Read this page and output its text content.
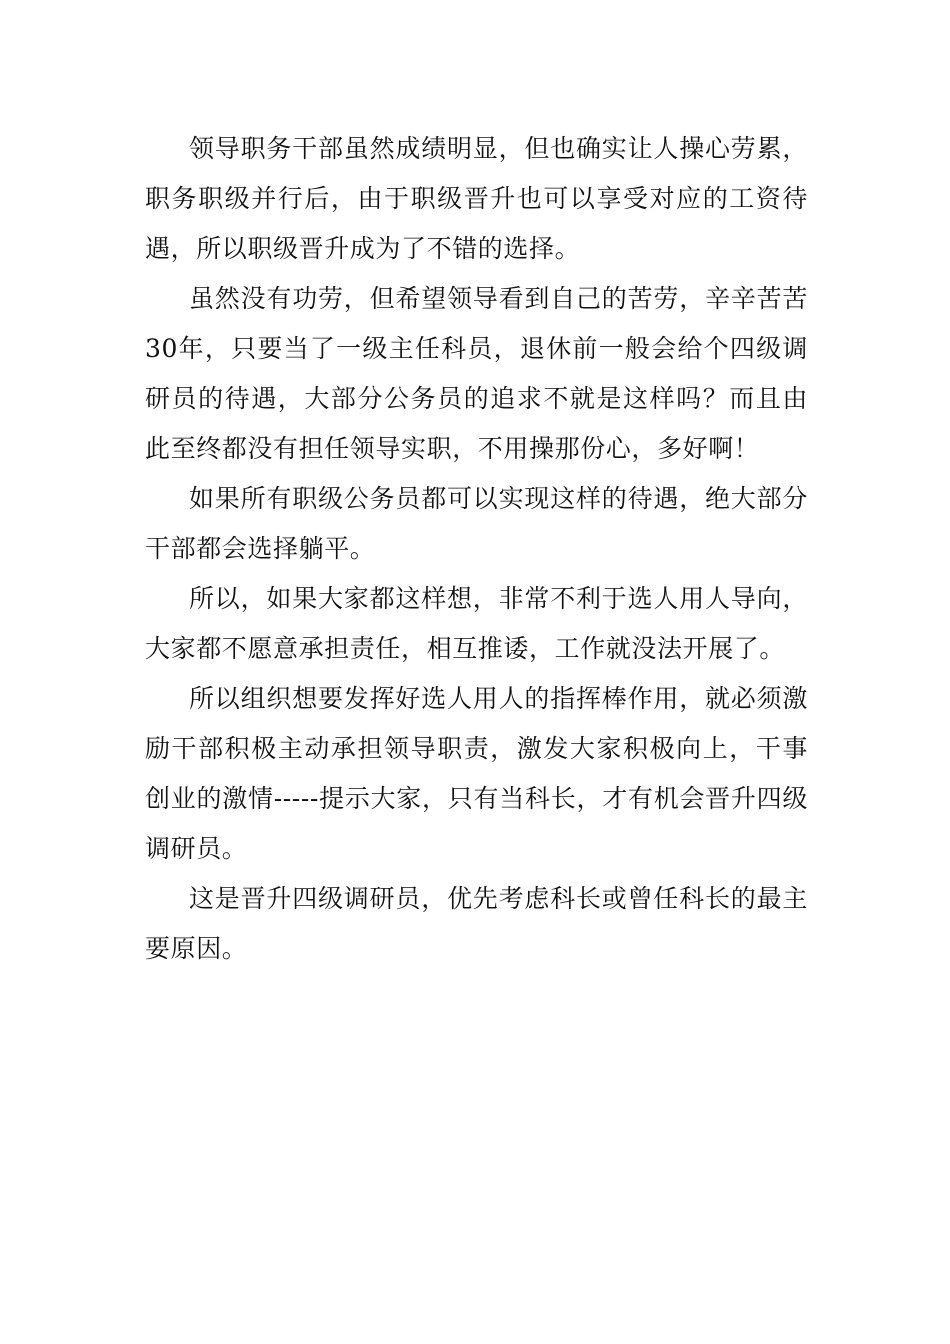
领导职务干部虽然成绩明显，但也确实让人操心劳累，职务职级并行后，由于职级晋升也可以享受对应的工资待遇，所以职级晋升成为了不错的选择。

虽然没有功劳，但希望领导看到自己的苦劳，辛辛苦苦30年，只要当了一级主任科员，退休前一般会给个四级调研员的待遇，大部分公务员的追求不就是这样吗？而且由此至终都没有担任领导实职，不用操那份心，多好啊！

如果所有职级公务员都可以实现这样的待遇，绝大部分干部都会选择躺平。

所以，如果大家都这样想，非常不利于选人用人导向，大家都不愿意承担责任，相互推诿，工作就没法开展了。

所以组织想要发挥好选人用人的指挥棒作用，就必须激励干部积极主动承担领导职责，激发大家积极向上，干事创业的激情-----提示大家，只有当科长，才有机会晋升四级调研员。

这是晋升四级调研员，优先考虑科长或曾任科长的最主要原因。
